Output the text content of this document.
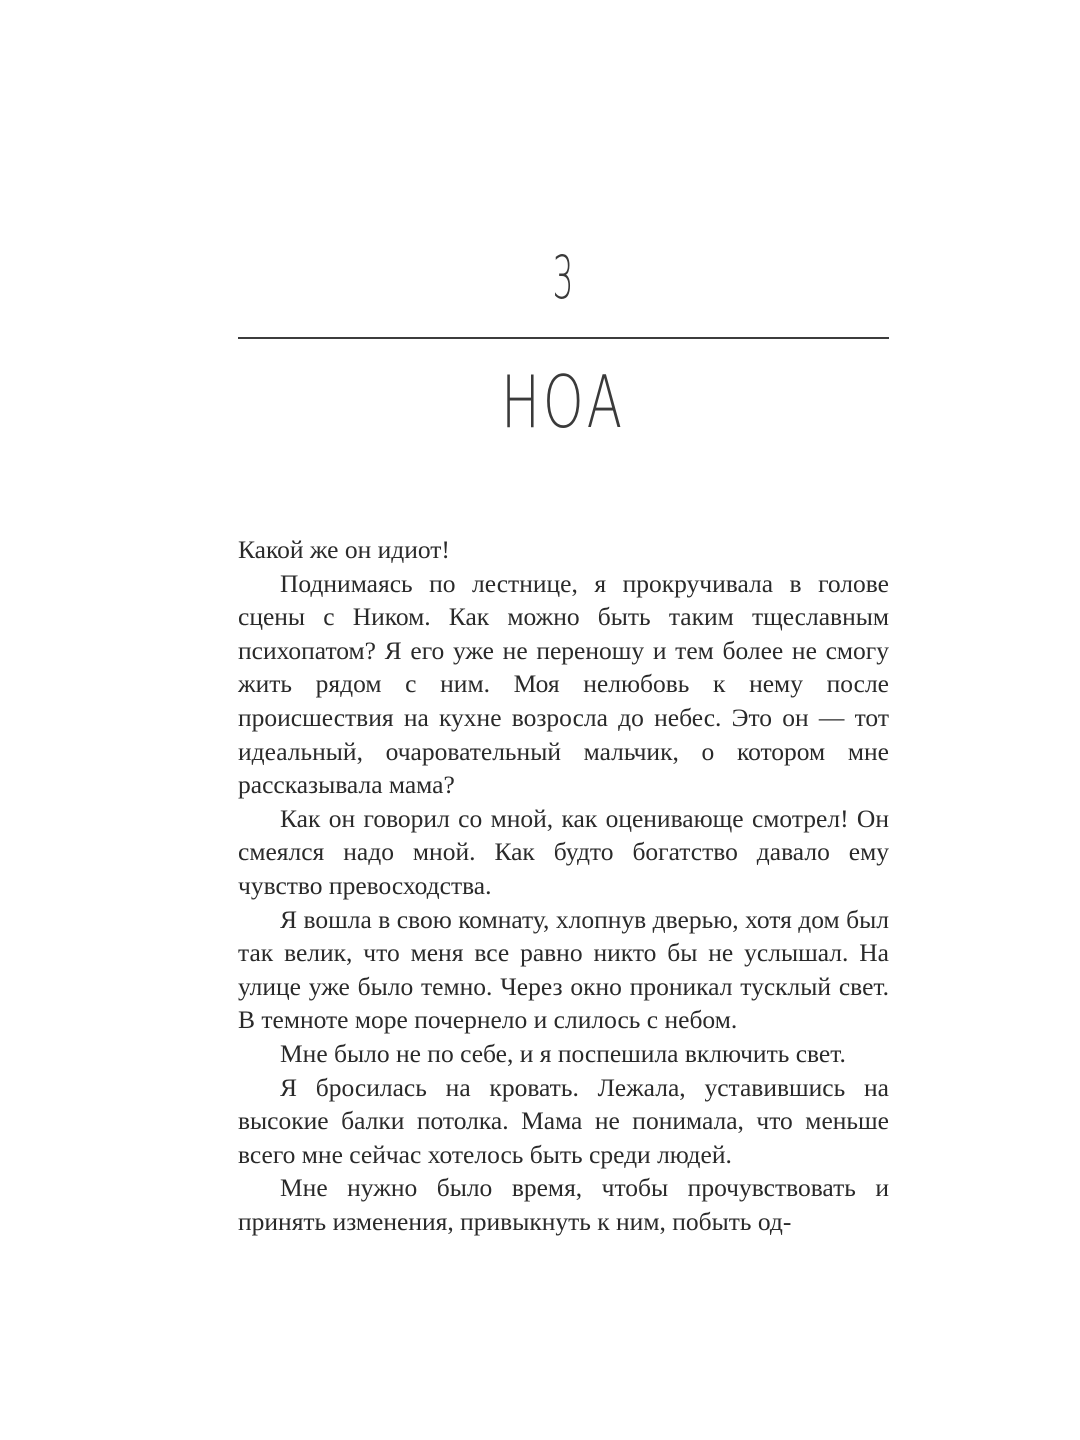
3
НОА

Какой же он идиот!

Поднимаясь по лестнице, я прокручивала в голове сцены с Ником. Как можно быть таким тщеславным психопатом? Я его уже не переношу и тем более не смогу жить рядом с ним. Моя нелюбовь к нему после происшествия на кухне возросла до небес. Это он — тот идеальный, очаровательный мальчик, о котором мне рассказывала мама?

Как он говорил со мной, как оценивающе смотрел! Он смеялся надо мной. Как будто богатство давало ему чувство превосходства.

Я вошла в свою комнату, хлопнув дверью, хотя дом был так велик, что меня все равно никто бы не услышал. На улице уже было темно. Через окно проникал тусклый свет. В темноте море почернело и слилось с небом.

Мне было не по себе, и я поспешила включить свет.

Я бросилась на кровать. Лежала, уставившись на высокие балки потолка. Мама не понимала, что меньше всего мне сейчас хотелось быть среди людей.

Мне нужно было время, чтобы прочувствовать и принять изменения, привыкнуть к ним, побыть од-
